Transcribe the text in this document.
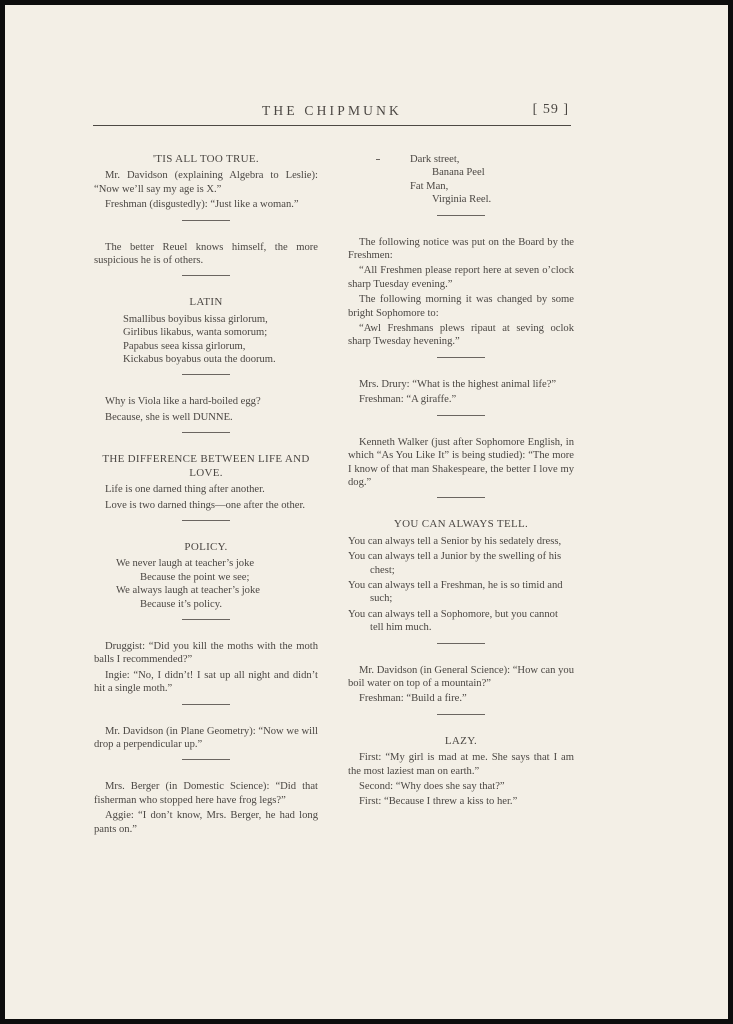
THE CHIPMUNK	[ 59 ]
'TIS ALL TOO TRUE.

Mr. Davidson (explaining Algebra to Leslie): “Now we’ll say my age is X.”

Freshman (disgustedly): “Just like a woman.”

The better Reuel knows himself, the more suspicious he is of others.

LATIN
Smallibus boyibus kissa girlorum,
Girlibus likabus, wanta somorum;
Papabus seea kissa girlorum,
Kickabus boyabus outa the doorum.

Why is Viola like a hard-boiled egg?

Because, she is well DUNNE.

THE DIFFERENCE BETWEEN LIFE AND LOVE.

Life is one darned thing after another.

Love is two darned things—one after the other.

POLICY.
We never laugh at teacher’s joke
Because the point we see;
We always laugh at teacher’s joke
Because it’s policy.

Druggist: “Did you kill the moths with the moth balls I recommended?”

Ingie: “No, I didn’t! I sat up all night and didn’t hit a single moth.”

Mr. Davidson (in Plane Geometry): “Now we will drop a perpendicular up.”

Mrs. Berger (in Domestic Science): “Did that fisherman who stopped here have frog legs?”

Aggie: “I don’t know, Mrs. Berger, he had long pants on.”

Dark street,
Banana Peel
Fat Man,
Virginia Reel.

The following notice was put on the Board by the Freshmen:

“All Freshmen please report here at seven o’clock sharp Tuesday evening.”

The following morning it was changed by some bright Sophomore to:

“Awl Freshmans plews ripaut at seving oclok sharp Twesday hevening.”

Mrs. Drury: “What is the highest animal life?”

Freshman: “A giraffe.”

Kenneth Walker (just after Sophomore English, in which “As You Like It” is being studied): “The more I know of that man Shakespeare, the better I love my dog.”

YOU CAN ALWAYS TELL.

You can always tell a Senior by his sedately dress,

You can always tell a Junior by the swelling of his chest;

You can always tell a Freshman, he is so timid and such;

You can always tell a Sophomore, but you cannot tell him much.

Mr. Davidson (in General Science): “How can you boil water on top of a mountain?”

Freshman: “Build a fire.”

LAZY.

First: “My girl is mad at me. She says that I am the most laziest man on earth.”

Second: “Why does she say that?”

First: “Because I threw a kiss to her.”
